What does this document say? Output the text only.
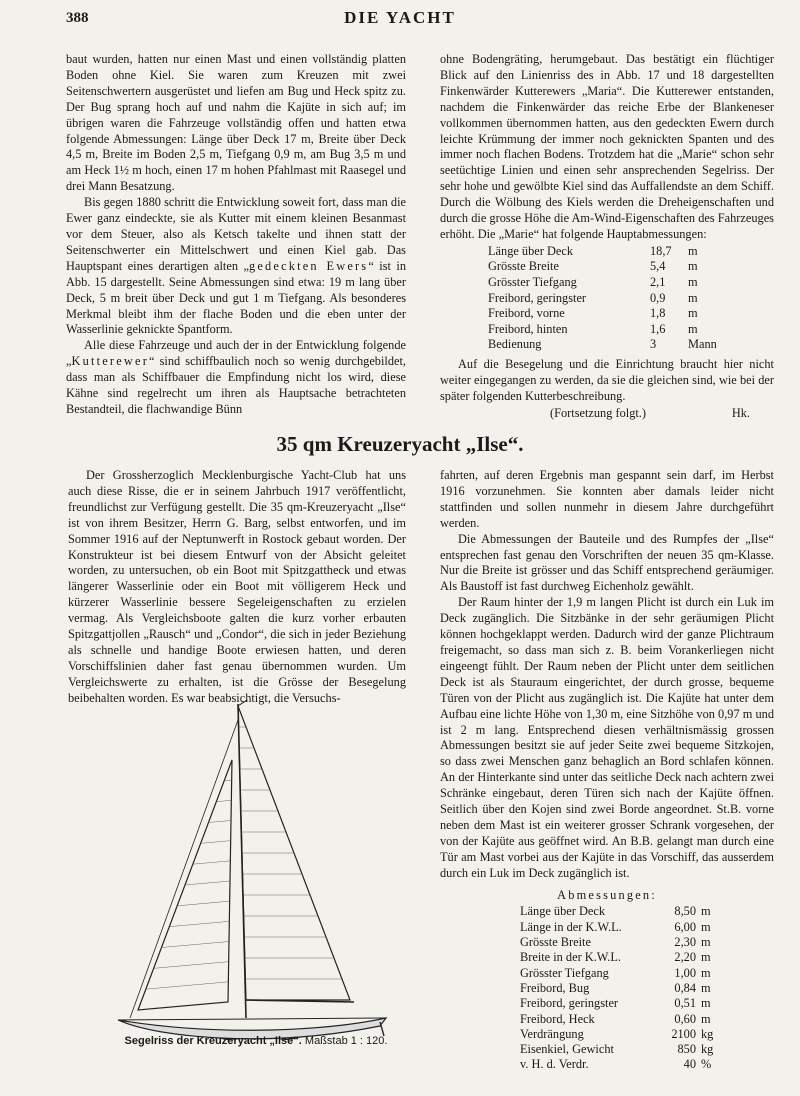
388	DIE YACHT

baut wurden, hatten nur einen Mast und einen vollständig platten Boden ohne Kiel. Sie waren zum Kreuzen mit zwei Seitenschwertern ausgerüstet und liefen am Bug und Heck spitz zu. Der Bug sprang hoch auf und nahm die Kajüte in sich auf; im übrigen waren die Fahrzeuge vollständig offen und hatten etwa folgende Abmessungen: Länge über Deck 17 m, Breite über Deck 4,5 m, Breite im Boden 2,5 m, Tiefgang 0,9 m, am Bug 3,5 m und am Heck 1½ m hoch, einen 17 m hohen Pfahlmast mit Raasegel und drei Mann Besatzung.

Bis gegen 1880 schritt die Entwicklung soweit fort, dass man die Ewer ganz eindeckte, sie als Kutter mit einem kleinen Besanmast vor dem Steuer, also als Ketsch takelte und ihnen statt der Seitenschwerter ein Mittelschwert und einen Kiel gab. Das Hauptspant eines derartigen alten „gedeckten Ewers“ ist in Abb. 15 dargestellt. Seine Abmessungen sind etwa: 19 m lang über Deck, 5 m breit über Deck und gut 1 m Tiefgang. Als besonderes Merkmal bleibt ihm der flache Boden und die eben unter der Wasserlinie geknickte Spantform.

Alle diese Fahrzeuge und auch der in der Entwicklung folgende „Kutterewer“ sind schiffbaulich noch so wenig durchgebildet, dass man als Schiffbauer die Empfindung nicht los wird, diese Kähne sind regelrecht um ihren als Hauptsache betrachteten Bestandteil, die flachwandige Bünn

ohne Bodengräting, herumgebaut. Das bestätigt ein flüchtiger Blick auf den Linienriss des in Abb. 17 und 18 dargestellten Finkenwärder Kutterewers „Maria“. Die Kutterewer entstanden, nachdem die Finkenwärder das reiche Erbe der Blankeneser vollkommen übernommen hatten, aus den gedeckten Ewern durch leichte Krümmung der immer noch geknickten Spanten und des immer noch flachen Bodens. Trotzdem hat die „Marie“ schon sehr seetüchtige Linien und einen sehr ansprechenden Segelriss. Der sehr hohe und gewölbte Kiel sind das Auffallendste an dem Schiff. Durch die Wölbung des Kiels werden die Dreheigenschaften und durch die grosse Höhe die Am-Wind-Eigenschaften des Fahrzeuges erhöht. Die „Marie“ hat folgende Hauptabmessungen:

Länge über Deck	18,7	m
Grösste Breite	5,4	m
Grösster Tiefgang	2,1	m
Freibord, geringster	0,9	m
Freibord, vorne	1,8	m
Freibord, hinten	1,6	m
Bedienung	3	Mann

Auf die Besegelung und die Einrichtung braucht hier nicht weiter eingegangen zu werden, da sie die gleichen sind, wie bei der später folgenden Kutterbeschreibung.

(Fortsetzung folgt.)	Hk.
35 qm Kreuzeryacht „Ilse“.

Der Grossherzoglich Mecklenburgische Yacht-Club hat uns auch diese Risse, die er in seinem Jahrbuch 1917 veröffentlicht, freundlichst zur Verfügung gestellt. Die 35 qm-Kreuzeryacht „Ilse“ ist von ihrem Besitzer, Herrn G. Barg, selbst entworfen, und im Sommer 1916 auf der Neptunwerft in Rostock gebaut worden. Der Konstrukteur ist bei diesem Entwurf von der Absicht geleitet worden, zu untersuchen, ob ein Boot mit Spitzgattheck und etwas längerer Wasserlinie oder ein Boot mit völligerem Heck und kürzerer Wasserlinie bessere Segeleigenschaften zu erzielen vermag. Als Vergleichsboote galten die kurz vorher erbauten Spitzgattjollen „Rausch“ und „Condor“, die sich in jeder Beziehung als schnelle und handige Boote erwiesen hatten, und deren Vorschiffslinien daher fast genau übernommen wurden. Um Vergleichswerte zu erhalten, ist die Grösse der Besegelung beibehalten worden. Es war beabsichtigt, die Versuchs-

Segelriss der Kreuzeryacht „Ilse“. Maßstab 1 : 120.

fahrten, auf deren Ergebnis man gespannt sein darf, im Herbst 1916 vorzunehmen. Sie konnten aber damals leider nicht stattfinden und sollen nunmehr in diesem Jahre durchgeführt werden.

Die Abmessungen der Bauteile und des Rumpfes der „Ilse“ entsprechen fast genau den Vorschriften der neuen 35 qm-Klasse. Nur die Breite ist grösser und das Schiff entsprechend geräumiger. Als Baustoff ist fast durchweg Eichenholz gewählt.

Der Raum hinter der 1,9 m langen Plicht ist durch ein Luk im Deck zugänglich. Die Sitzbänke in der sehr geräumigen Plicht können hochgeklappt werden. Dadurch wird der ganze Plichtraum freigemacht, so dass man sich z. B. beim Vorankerliegen nicht eingeengt fühlt. Der Raum neben der Plicht unter dem seitlichen Deck ist als Stauraum eingerichtet, der durch grosse, bequeme Türen von der Plicht aus zugänglich ist. Die Kajüte hat unter dem Aufbau eine lichte Höhe von 1,30 m, eine Sitzhöhe von 0,97 m und ist 2 m lang. Entsprechend diesen verhältnismässig grossen Abmessungen besitzt sie auf jeder Seite zwei bequeme Sitzkojen, so dass zwei Menschen ganz behaglich an Bord schlafen können. An der Hinterkante sind unter das seitliche Deck nach achtern zwei Schränke eingebaut, deren Türen sich nach der Kajüte öffnen. Seitlich über den Kojen sind zwei Borde angeordnet. St.B. vorne neben dem Mast ist ein weiterer grosser Schrank vorgesehen, der von der Kajüte aus geöffnet wird. An B.B. gelangt man durch eine Tür am Mast vorbei aus der Kajüte in das Vorschiff, das ausserdem durch ein Luk im Deck zugänglich ist.

Abmessungen:
Länge über Deck	8,50	m
Länge in der K.W.L.	6,00	m
Grösste Breite	2,30	m
Breite in der K.W.L.	2,20	m
Grösster Tiefgang	1,00	m
Freibord, Bug	0,84	m
Freibord, geringster	0,51	m
Freibord, Heck	0,60	m
Verdrängung	2100	kg
Eisenkiel, Gewicht	850	kg
v. H. d. Verdr.	40	%
